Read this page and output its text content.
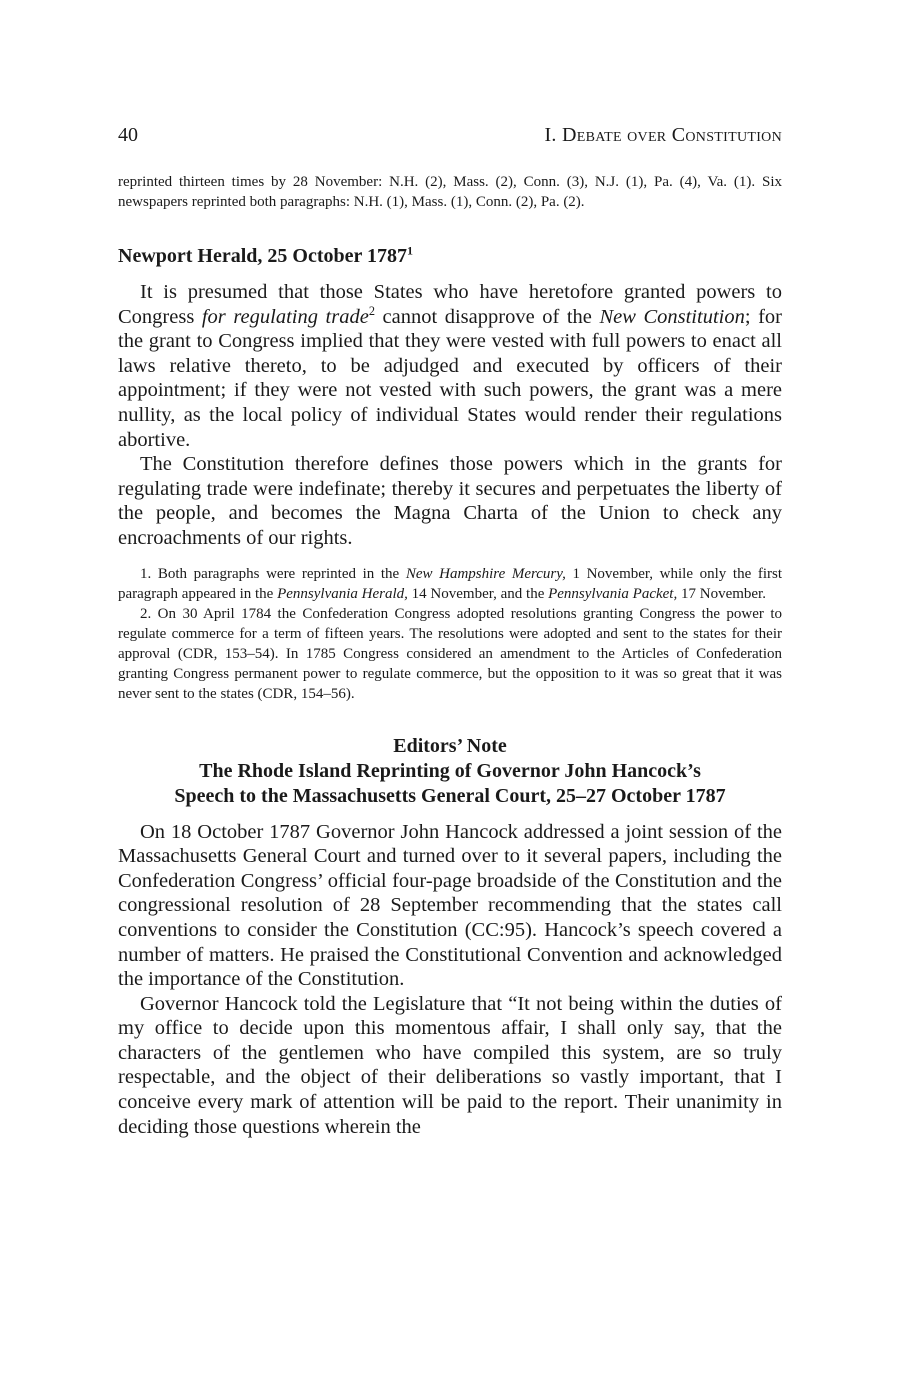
40	I. Debate over Constitution

reprinted thirteen times by 28 November: N.H. (2), Mass. (2), Conn. (3), N.J. (1), Pa. (4), Va. (1). Six newspapers reprinted both paragraphs: N.H. (1), Mass. (1), Conn. (2), Pa. (2).

Newport Herald, 25 October 1787$^1$

It is presumed that those States who have heretofore granted powers to Congress for regulating trade$^2$ cannot disapprove of the New Constitution; for the grant to Congress implied that they were vested with full powers to enact all laws relative thereto, to be adjudged and executed by officers of their appointment; if they were not vested with such powers, the grant was a mere nullity, as the local policy of individual States would render their regulations abortive.

The Constitution therefore defines those powers which in the grants for regulating trade were indefinate; thereby it secures and perpetuates the liberty of the people, and becomes the Magna Charta of the Union to check any encroachments of our rights.

1. Both paragraphs were reprinted in the New Hampshire Mercury, 1 November, while only the first paragraph appeared in the Pennsylvania Herald, 14 November, and the Pennsylvania Packet, 17 November.

2. On 30 April 1784 the Confederation Congress adopted resolutions granting Congress the power to regulate commerce for a term of fifteen years. The resolutions were adopted and sent to the states for their approval (CDR, 153–54). In 1785 Congress considered an amendment to the Articles of Confederation granting Congress permanent power to regulate commerce, but the opposition to it was so great that it was never sent to the states (CDR, 154–56).

Editors’ Note
The Rhode Island Reprinting of Governor John Hancock’s
Speech to the Massachusetts General Court, 25–27 October 1787

On 18 October 1787 Governor John Hancock addressed a joint session of the Massachusetts General Court and turned over to it several papers, including the Confederation Congress’ official four-page broadside of the Constitution and the congressional resolution of 28 September recommending that the states call conventions to consider the Constitution (CC:95). Hancock’s speech covered a number of matters. He praised the Constitutional Convention and acknowledged the importance of the Constitution.

Governor Hancock told the Legislature that “It not being within the duties of my office to decide upon this momentous affair, I shall only say, that the characters of the gentlemen who have compiled this system, are so truly respectable, and the object of their deliberations so vastly important, that I conceive every mark of attention will be paid to the report. Their unanimity in deciding those questions wherein the
